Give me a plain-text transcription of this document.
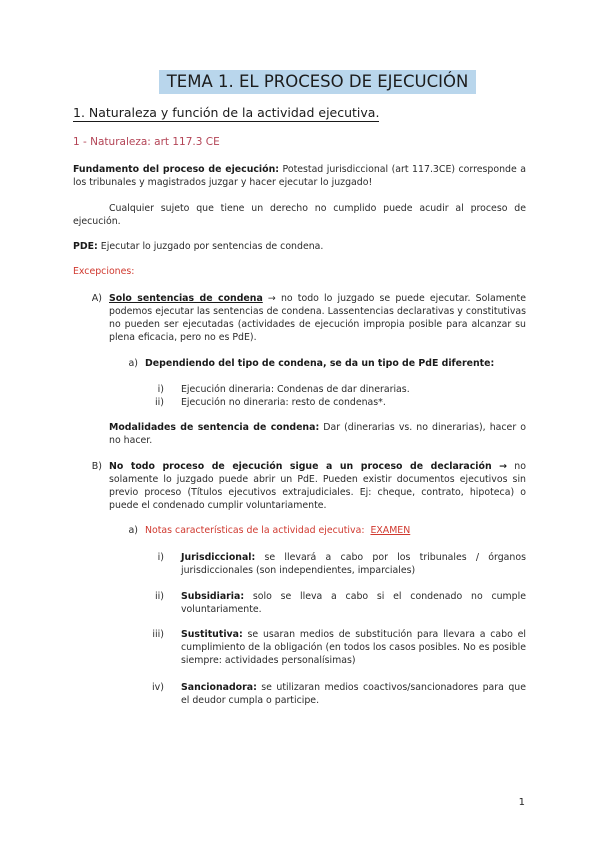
TEMA 1. EL PROCESO DE EJECUCIÓN
1. Naturaleza y función de la actividad ejecutiva.
1 - Naturaleza: art 117.3 CE
Fundamento del proceso de ejecución: Potestad jurisdiccional (art 117.3CE) corresponde a los tribunales y magistrados juzgar y hacer ejecutar lo juzgado!
Cualquier sujeto que tiene un derecho no cumplido puede acudir al proceso de ejecución.
PDE: Ejecutar lo juzgado por sentencias de condena.
Excepciones:
A) Solo sentencias de condena → no todo lo juzgado se puede ejecutar. Solamente podemos ejecutar las sentencias de condena. Lassentencias declarativas y constitutivas no pueden ser ejecutadas (actividades de ejecución impropia posible para alcanzar su plena eficacia, pero no es PdE).
a) Dependiendo del tipo de condena, se da un tipo de PdE diferente:
i) Ejecución dineraria: Condenas de dar dinerarias.
ii) Ejecución no dineraria: resto de condenas*.
Modalidades de sentencia de condena: Dar (dinerarias vs. no dinerarias), hacer o no hacer.
B) No todo proceso de ejecución sigue a un proceso de declaración → no solamente lo juzgado puede abrir un PdE. Pueden existir documentos ejecutivos sin previo proceso (Títulos ejecutivos extrajudiciales. Ej: cheque, contrato, hipoteca) o puede el condenado cumplir voluntariamente.
a) Notas características de la actividad ejecutiva: EXAMEN
i) Jurisdiccional: se llevará a cabo por los tribunales / órganos jurisdiccionales (son independientes, imparciales)
ii) Subsidiaria: solo se lleva a cabo si el condenado no cumple voluntariamente.
iii) Sustitutiva: se usaran medios de substitución para llevara a cabo el cumplimiento de la obligación (en todos los casos posibles. No es posible siempre: actividades personalísimas)
iv) Sancionadora: se utilizaran medios coactivos/sancionadores para que el deudor cumpla o participe.
1
